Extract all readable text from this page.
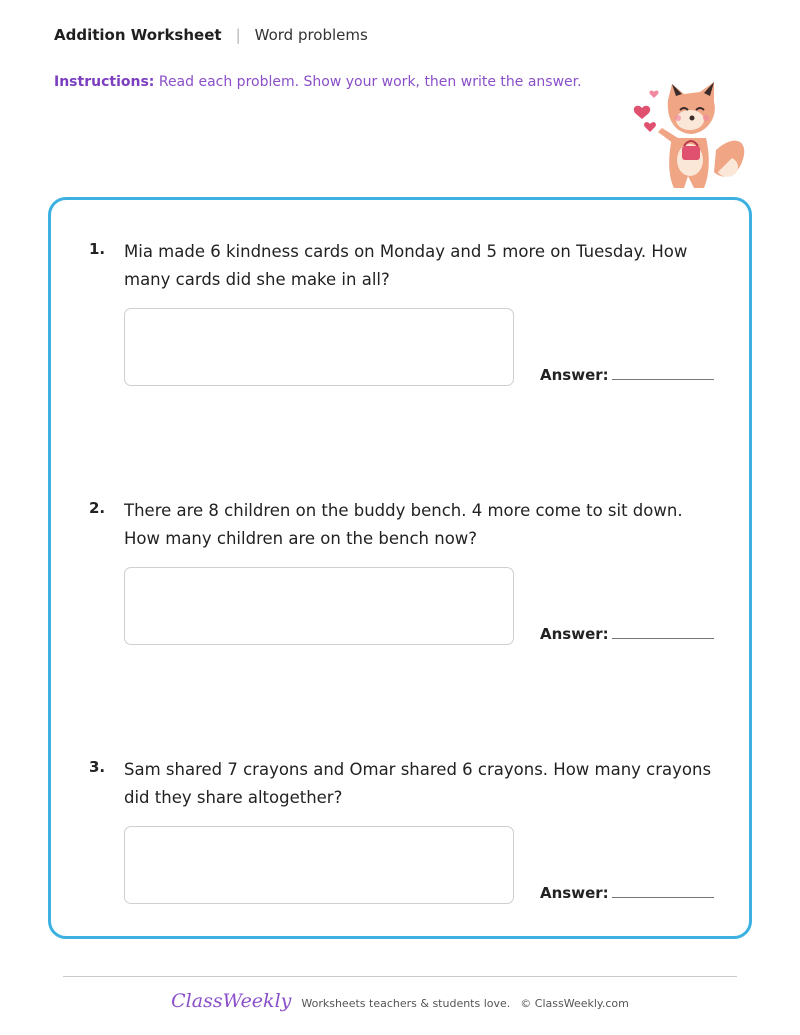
Addition Worksheet | Word problems
Instructions: Read each problem. Show your work, then write the answer.
1. Mia made 6 kindness cards on Monday and 5 more on Tuesday. How many cards did she make in all?
Answer:
2. There are 8 children on the buddy bench. 4 more come to sit down. How many children are on the bench now?
Answer:
3. Sam shared 7 crayons and Omar shared 6 crayons. How many crayons did they share altogether?
Answer:
ClassWeekly Worksheets teachers & students love. © ClassWeekly.com
